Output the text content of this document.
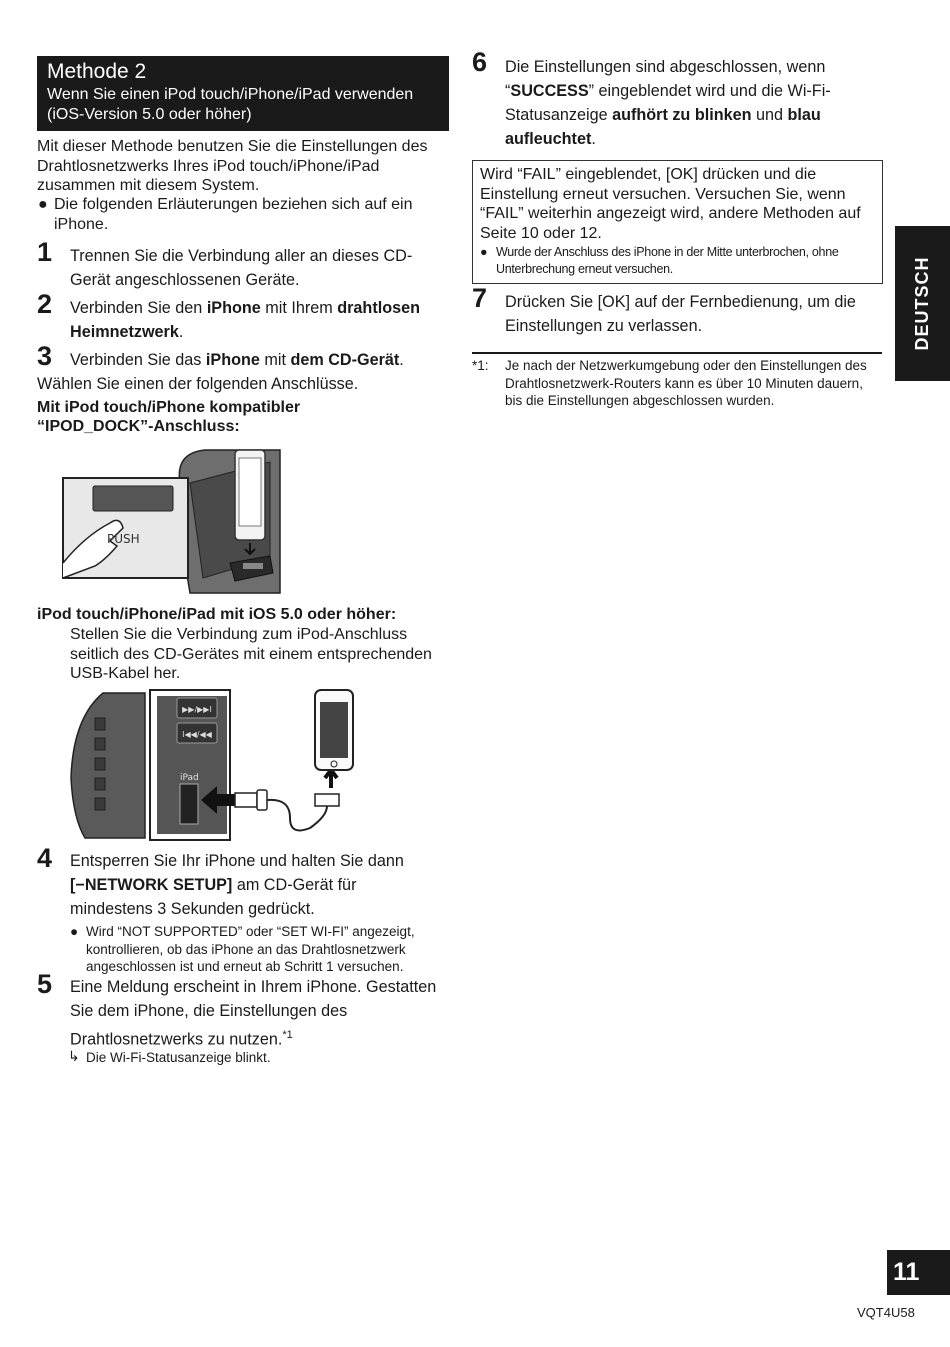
Methode 2
Wenn Sie einen iPod touch/iPhone/iPad verwenden (iOS-Version 5.0 oder höher)

Mit dieser Methode benutzen Sie die Einstellungen des Drahtlosnetzwerks Ihres iPod touch/iPhone/iPad zusammen mit diesem System.

● Die folgenden Erläuterungen beziehen sich auf ein iPhone.

1 Trennen Sie die Verbindung aller an dieses CD-Gerät angeschlossenen Geräte.

2 Verbinden Sie den iPhone mit Ihrem drahtlosen Heimnetzwerk.

3 Verbinden Sie das iPhone mit dem CD-Gerät.

Wählen Sie einen der folgenden Anschlüsse.

Mit iPod touch/iPhone kompatibler “IPOD_DOCK”-Anschluss:

PUSH

iPod touch/iPhone/iPad mit iOS 5.0 oder höher:

Stellen Sie die Verbindung zum iPod-Anschluss seitlich des CD-Gerätes mit einem entsprechenden USB-Kabel her.

▶▶/▶▶I
I◀◀/◀◀
iPad
4 Entsperren Sie Ihr iPhone und halten Sie dann [−NETWORK SETUP] am CD-Gerät für mindestens 3 Sekunden gedrückt.

● Wird “NOT SUPPORTED” oder “SET WI-FI” angezeigt, kontrollieren, ob das iPhone an das Drahtlosnetzwerk angeschlossen ist und erneut ab Schritt 1 versuchen.

5 Eine Meldung erscheint in Ihrem iPhone. Gestatten Sie dem iPhone, die Einstellungen des Drahtlosnetzwerks zu nutzen.$^{*1}$

↳ Die Wi-Fi-Statusanzeige blinkt.

6 Die Einstellungen sind abgeschlossen, wenn “SUCCESS” eingeblendet wird und die Wi-Fi-Statusanzeige aufhört zu blinken und blau aufleuchtet.

Wird “FAIL” eingeblendet, [OK] drücken und die Einstellung erneut versuchen. Versuchen Sie, wenn “FAIL” weiterhin angezeigt wird, andere Methoden auf Seite 10 oder 12.

● Wurde der Anschluss des iPhone in der Mitte unterbrochen, ohne Unterbrechung erneut versuchen.

7 Drücken Sie [OK] auf der Fernbedienung, um die Einstellungen zu verlassen.

*1: Je nach der Netzwerkumgebung oder den Einstellungen des Drahtlosnetzwerk-Routers kann es über 10 Minuten dauern, bis die Einstellungen abgeschlossen wurden.

DEUTSCH
11
VQT4U58
